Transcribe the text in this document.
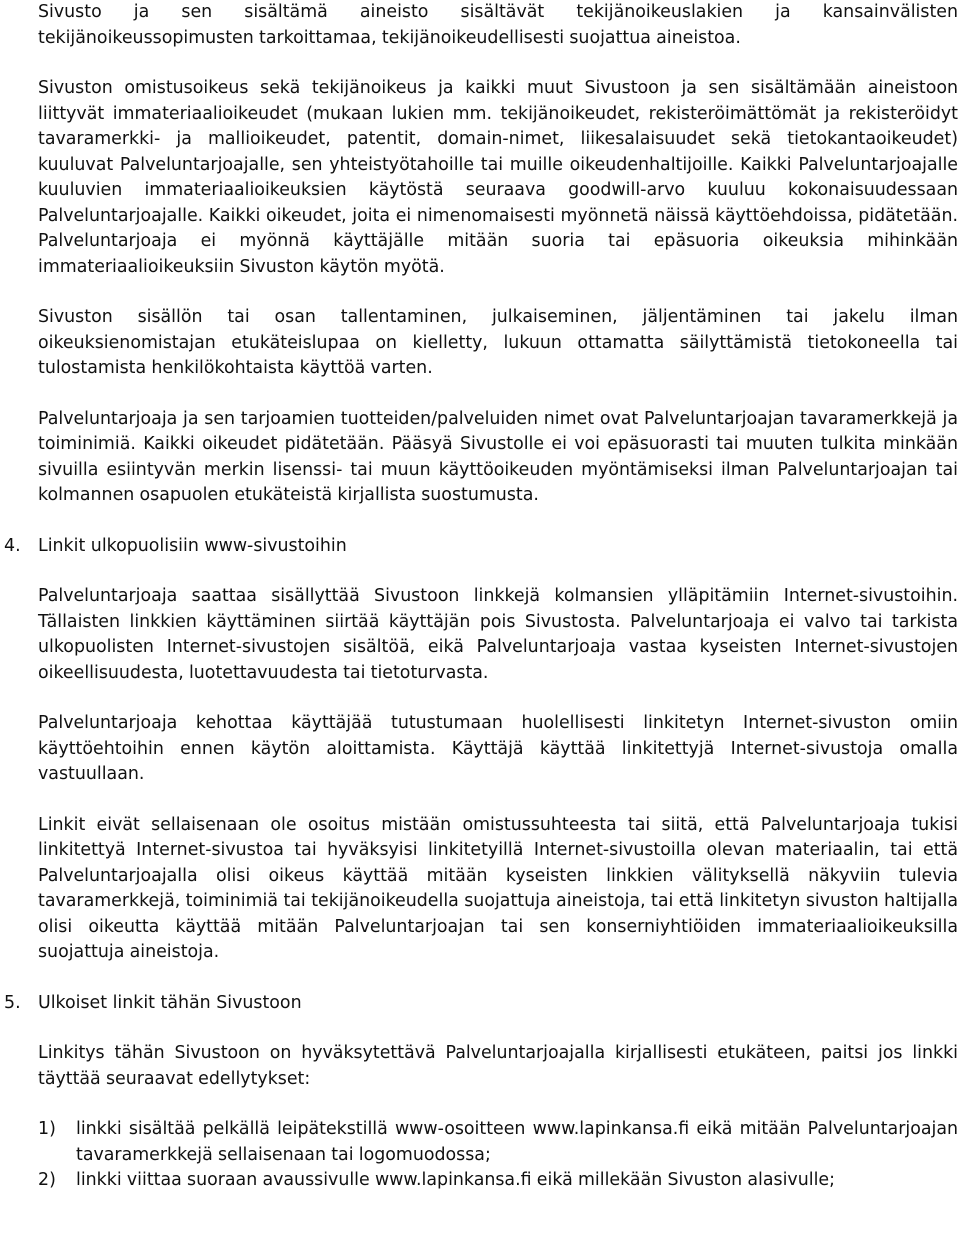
Sivusto ja sen sisältämä aineisto sisältävät tekijänoikeuslakien ja kansainvälisten tekijänoikeussopimusten tarkoittamaa, tekijänoikeudellisesti suojattua aineistoa.

Sivuston omistusoikeus sekä tekijänoikeus ja kaikki muut Sivustoon ja sen sisältämään aineistoon liittyvät immateriaalioikeudet (mukaan lukien mm. tekijänoikeudet, rekisteröimättömät ja rekisteröidyt tavaramerkki- ja mallioikeudet, patentit, domain-nimet, liikesalaisuudet sekä tietokantaoikeudet) kuuluvat Palveluntarjoajalle, sen yhteistyötahoille tai muille oikeudenhaltijoille. Kaikki Palveluntarjoajalle kuuluvien immateriaalioikeuksien käytöstä seuraava goodwill-arvo kuuluu kokonaisuudessaan Palveluntarjoajalle. Kaikki oikeudet, joita ei nimenomaisesti myönnetä näissä käyttöehdoissa, pidätetään. Palveluntarjoaja ei myönnä käyttäjälle mitään suoria tai epäsuoria oikeuksia mihinkään immateriaalioikeuksiin Sivuston käytön myötä.

Sivuston sisällön tai osan tallentaminen, julkaiseminen, jäljentäminen tai jakelu ilman oikeuksienomistajan etukäteislupaa on kielletty, lukuun ottamatta säilyttämistä tietokoneella tai tulostamista henkilökohtaista käyttöä varten.

Palveluntarjoaja ja sen tarjoamien tuotteiden/palveluiden nimet ovat Palveluntarjoajan tavaramerkkejä ja toiminimiä. Kaikki oikeudet pidätetään. Pääsyä Sivustolle ei voi epäsuorasti tai muuten tulkita minkään sivuilla esiintyvän merkin lisenssi- tai muun käyttöoikeuden myöntämiseksi ilman Palveluntarjoajan tai kolmannen osapuolen etukäteistä kirjallista suostumusta.

4. Linkit ulkopuolisiin www-sivustoihin

Palveluntarjoaja saattaa sisällyttää Sivustoon linkkejä kolmansien ylläpitämiin Internet-sivustoihin. Tällaisten linkkien käyttäminen siirtää käyttäjän pois Sivustosta. Palveluntarjoaja ei valvo tai tarkista ulkopuolisten Internet-sivustojen sisältöä, eikä Palveluntarjoaja vastaa kyseisten Internet-sivustojen oikeellisuudesta, luotettavuudesta tai tietoturvasta.

Palveluntarjoaja kehottaa käyttäjää tutustumaan huolellisesti linkitetyn Internet-sivuston omiin käyttöehtoihin ennen käytön aloittamista. Käyttäjä käyttää linkitettyjä Internet-sivustoja omalla vastuullaan.

Linkit eivät sellaisenaan ole osoitus mistään omistussuhteesta tai siitä, että Palveluntarjoaja tukisi linkitettyä Internet-sivustoa tai hyväksyisi linkitetyillä Internet-sivustoilla olevan materiaalin, tai että Palveluntarjoajalla olisi oikeus käyttää mitään kyseisten linkkien välityksellä näkyviin tulevia tavaramerkkejä, toiminimiä tai tekijänoikeudella suojattuja aineistoja, tai että linkitetyn sivuston haltijalla olisi oikeutta käyttää mitään Palveluntarjoajan tai sen konserniyhtiöiden immateriaalioikeuksilla suojattuja aineistoja.

5. Ulkoiset linkit tähän Sivustoon

Linkitys tähän Sivustoon on hyväksytettävä Palveluntarjoajalla kirjallisesti etukäteen, paitsi jos linkki täyttää seuraavat edellytykset:

1) linkki sisältää pelkällä leipätekstillä www-osoitteen www.lapinkansa.fi eikä mitään Palveluntarjoajan tavaramerkkejä sellaisenaan tai logomuodossa;
2) linkki viittaa suoraan avaussivulle www.lapinkansa.fi eikä millekään Sivuston alasivulle;
